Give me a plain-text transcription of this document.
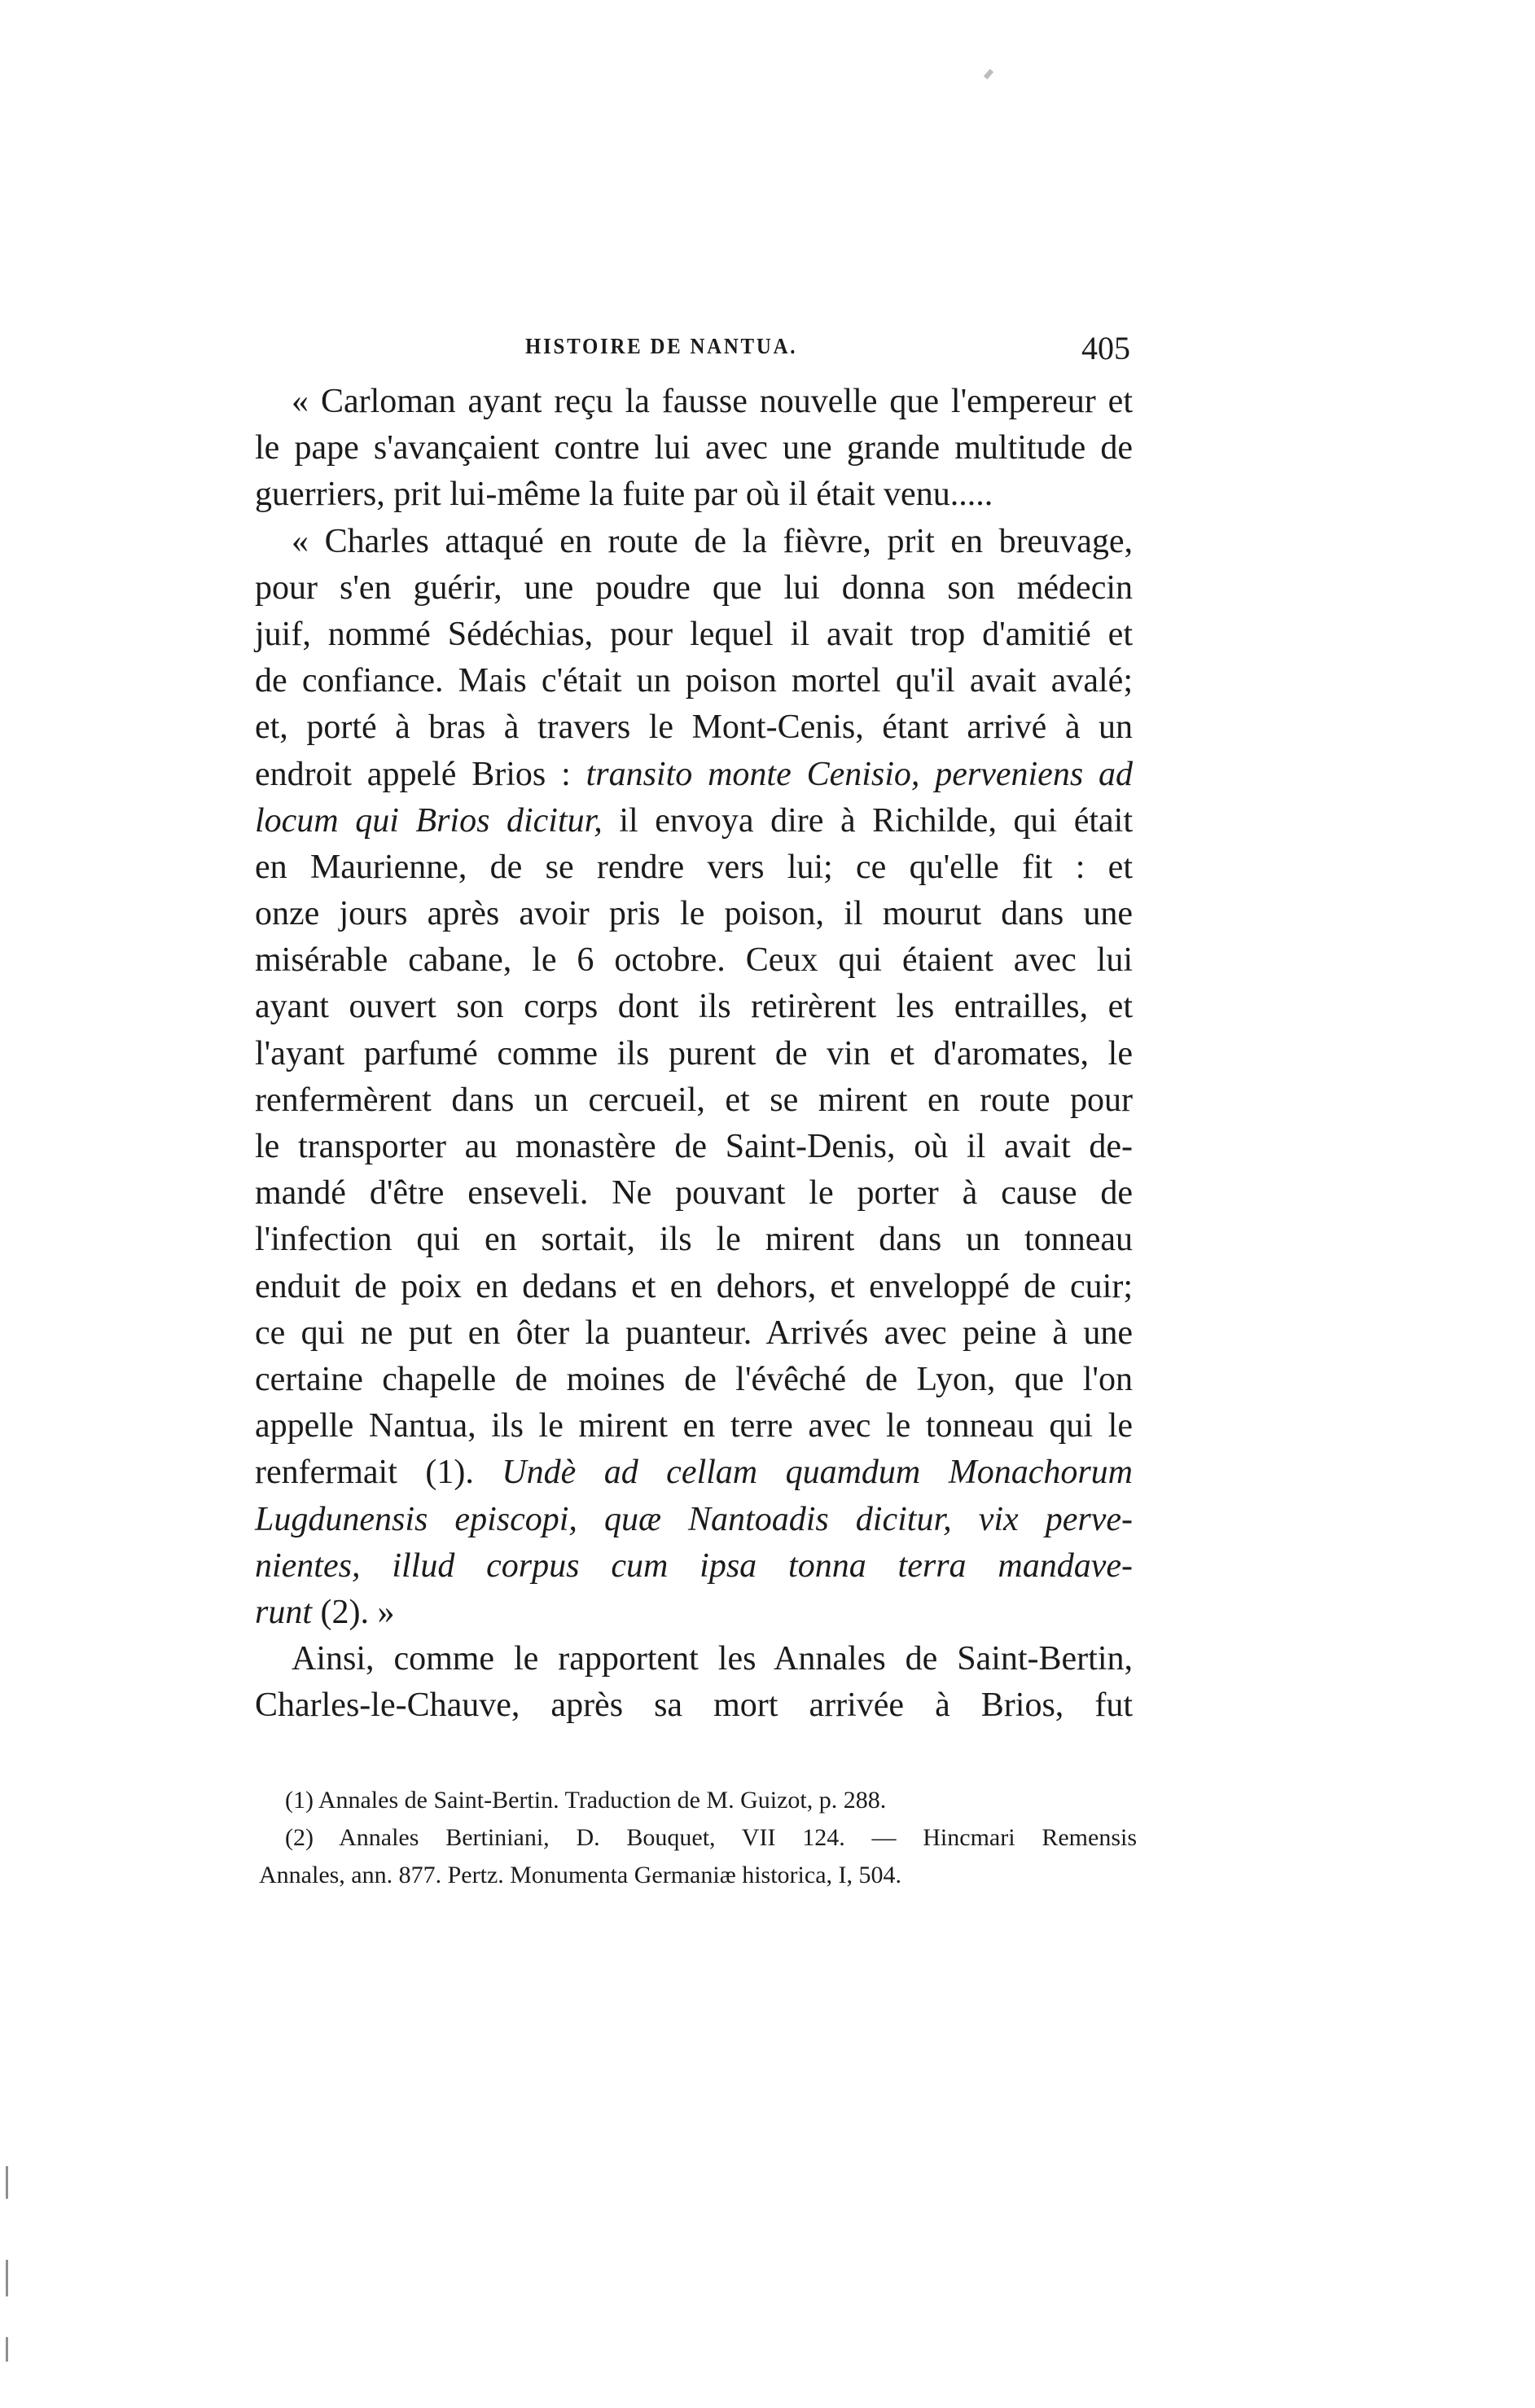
HISTOIRE DE NANTUA.	405
« Carloman ayant reçu la fausse nouvelle que l'empereur et
le pape s'avançaient contre lui avec une grande multitude de
guerriers, prit lui-même la fuite par où il était venu.....
« Charles attaqué en route de la fièvre, prit en breuvage,
pour s'en guérir, une poudre que lui donna son médecin
juif, nommé Sédéchias, pour lequel il avait trop d'amitié et
de confiance. Mais c'était un poison mortel qu'il avait avalé;
et, porté à bras à travers le Mont-Cenis, étant arrivé à un
endroit appelé Brios : transito monte Cenisio, perveniens ad
locum qui Brios dicitur, il envoya dire à Richilde, qui était
en Maurienne, de se rendre vers lui; ce qu'elle fit : et
onze jours après avoir pris le poison, il mourut dans une
misérable cabane, le 6 octobre. Ceux qui étaient avec lui
ayant ouvert son corps dont ils retirèrent les entrailles, et
l'ayant parfumé comme ils purent de vin et d'aromates, le
renfermèrent dans un cercueil, et se mirent en route pour
le transporter au monastère de Saint-Denis, où il avait de-
mandé d'être enseveli. Ne pouvant le porter à cause de
l'infection qui en sortait, ils le mirent dans un tonneau
enduit de poix en dedans et en dehors, et enveloppé de cuir;
ce qui ne put en ôter la puanteur. Arrivés avec peine à une
certaine chapelle de moines de l'évêché de Lyon, que l'on
appelle Nantua, ils le mirent en terre avec le tonneau qui le
renfermait (1). Undè ad cellam quamdum Monachorum
Lugdunensis episcopi, quæ Nantoadis dicitur, vix perve-
nientes, illud corpus cum ipsa tonna terra mandave-
runt (2). »
Ainsi, comme le rapportent les Annales de Saint-Bertin,
Charles-le-Chauve, après sa mort arrivée à Brios, fut
(1) Annales de Saint-Bertin. Traduction de M. Guizot, p. 288.
(2) Annales Bertiniani, D. Bouquet, VII 124. — Hincmari Remensis
Annales, ann. 877. Pertz. Monumenta Germaniæ historica, I, 504.
